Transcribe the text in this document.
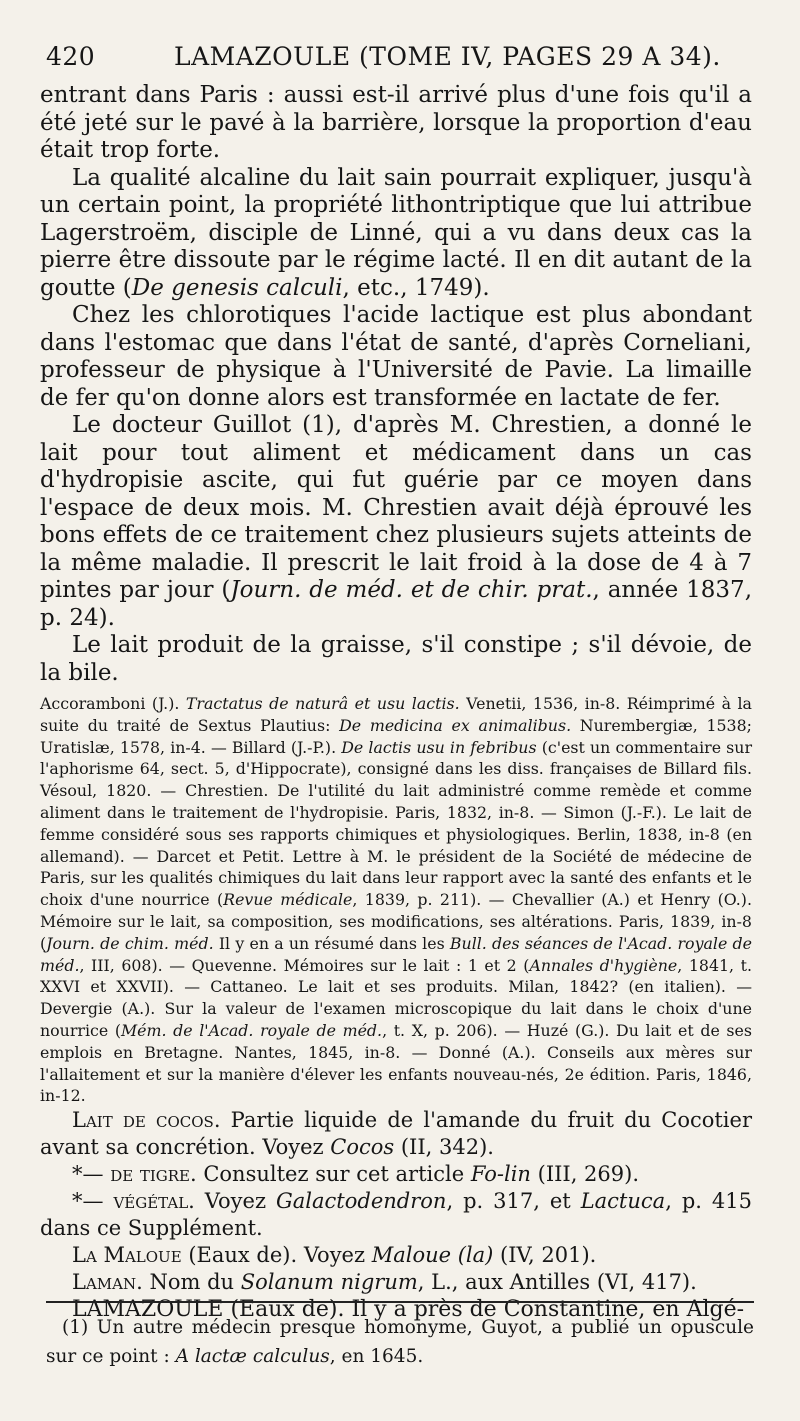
420	LAMAZOULE (TOME IV, PAGES 29 A 34).

entrant dans Paris : aussi est-il arrivé plus d'une fois qu'il a été jeté sur le pavé à la barrière, lorsque la proportion d'eau était trop forte.

La qualité alcaline du lait sain pourrait expliquer, jusqu'à un certain point, la propriété lithontriptique que lui attribue Lagerstroëm, disciple de Linné, qui a vu dans deux cas la pierre être dissoute par le régime lacté. Il en dit autant de la goutte (De genesis calculi, etc., 1749).

Chez les chlorotiques l'acide lactique est plus abondant dans l'estomac que dans l'état de santé, d'après Corneliani, professeur de physique à l'Université de Pavie. La limaille de fer qu'on donne alors est transformée en lactate de fer.

Le docteur Guillot (1), d'après M. Chrestien, a donné le lait pour tout aliment et médicament dans un cas d'hydropisie ascite, qui fut guérie par ce moyen dans l'espace de deux mois. M. Chrestien avait déjà éprouvé les bons effets de ce traitement chez plusieurs sujets atteints de la même maladie. Il prescrit le lait froid à la dose de 4 à 7 pintes par jour (Journ. de méd. et de chir. prat., année 1837, p. 24).

Le lait produit de la graisse, s'il constipe ; s'il dévoie, de la bile.

Accoramboni (J.). Tractatus de naturâ et usu lactis. Venetii, 1536, in-8. Réimprimé à la suite du traité de Sextus Plautius: De medicina ex animalibus. Nurembergiæ, 1538; Uratislæ, 1578, in-4. — Billard (J.-P.). De lactis usu in febribus (c'est un commentaire sur l'aphorisme 64, sect. 5, d'Hippocrate), consigné dans les diss. françaises de Billard fils. Vésoul, 1820. — Chrestien. De l'utilité du lait administré comme remède et comme aliment dans le traitement de l'hydropisie. Paris, 1832, in-8. — Simon (J.-F.). Le lait de femme considéré sous ses rapports chimiques et physiologiques. Berlin, 1838, in-8 (en allemand). — Darcet et Petit. Lettre à M. le président de la Société de médecine de Paris, sur les qualités chimiques du lait dans leur rapport avec la santé des enfants et le choix d'une nourrice (Revue médicale, 1839, p. 211). — Chevallier (A.) et Henry (O.). Mémoire sur le lait, sa composition, ses modifications, ses altérations. Paris, 1839, in-8 (Journ. de chim. méd. Il y en a un résumé dans les Bull. des séances de l'Acad. royale de méd., III, 608). — Quevenne. Mémoires sur le lait : 1 et 2 (Annales d'hygiène, 1841, t. XXVI et XXVII). — Cattaneo. Le lait et ses produits. Milan, 1842? (en italien). — Devergie (A.). Sur la valeur de l'examen microscopique du lait dans le choix d'une nourrice (Mém. de l'Acad. royale de méd., t. X, p. 206). — Huzé (G.). Du lait et de ses emplois en Bretagne. Nantes, 1845, in-8. — Donné (A.). Conseils aux mères sur l'allaitement et sur la manière d'élever les enfants nouveau-nés, 2e édition. Paris, 1846, in-12.

Lait de cocos. Partie liquide de l'amande du fruit du Cocotier avant sa concrétion. Voyez Cocos (II, 342).

*— de tigre. Consultez sur cet article Fo-lin (III, 269).

*— végétal. Voyez Galactodendron, p. 317, et Lactuca, p. 415 dans ce Supplément.

La Maloue (Eaux de). Voyez Maloue (la) (IV, 201).

Laman. Nom du Solanum nigrum, L., aux Antilles (VI, 417).

LAMAZOULE (Eaux de). Il y a près de Constantine, en Algé-

(1) Un autre médecin presque homonyme, Guyot, a publié un opuscule sur ce point : A lactæ calculus, en 1645.
